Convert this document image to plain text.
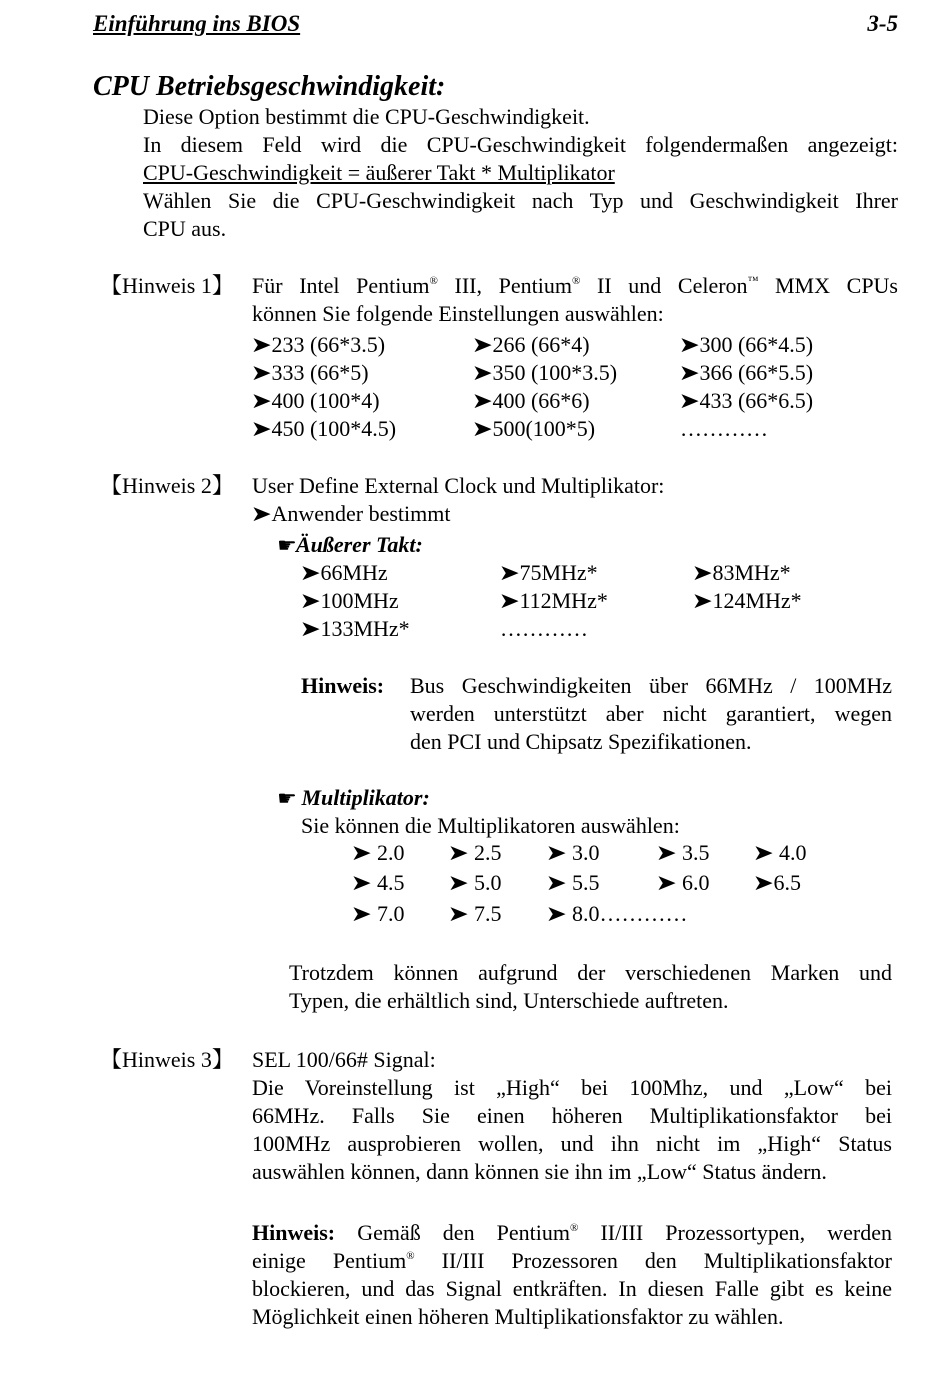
Einführung ins BIOS	3-5
CPU Betriebsgeschwindigkeit:
Diese Option bestimmt die CPU-Geschwindigkeit.
In diesem Feld wird die CPU-Geschwindigkeit folgendermaßen angezeigt:
CPU-Geschwindigkeit = äußerer Takt * Multiplikator
Wählen Sie die CPU-Geschwindigkeit nach Typ und Geschwindigkeit Ihrer
CPU aus.
【Hinweis 1】 Für Intel Pentium® III, Pentium® II und Celeron™ MMX CPUs
können Sie folgende Einstellungen auswählen:
➤233 (66*3.5)	➤266 (66*4)	➤300 (66*4.5)
➤333 (66*5)	➤350 (100*3.5)	➤366 (66*5.5)
➤400 (100*4)	➤400 (66*6)	➤433 (66*6.5)
➤450 (100*4.5)	➤500(100*5)	…………
【Hinweis 2】 User Define External Clock und Multiplikator:
➤Anwender bestimmt
☛Äußerer Takt:
➤66MHz	➤75MHz*	➤83MHz*
➤100MHz	➤112MHz*	➤124MHz*
➤133MHz*	…………
Hinweis: Bus Geschwindigkeiten über 66MHz / 100MHz
werden unterstützt aber nicht garantiert, wegen
den PCI und Chipsatz Spezifikationen.
☛ Multiplikator:
Sie können die Multiplikatoren auswählen:
➤ 2.0 ➤ 2.5 ➤ 3.0	➤ 3.5 ➤ 4.0
➤ 4.5 ➤ 5.0 ➤ 5.5	➤ 6.0 ➤6.5
➤ 7.0 ➤ 7.5 ➤ 8.0…………
Trotzdem können aufgrund der verschiedenen Marken und
Typen, die erhältlich sind, Unterschiede auftreten.
【Hinweis 3】 SEL 100/66# Signal:
Die Voreinstellung ist „High“ bei 100Mhz, und „Low“ bei
66MHz. Falls Sie einen höheren Multiplikationsfaktor bei
100MHz ausprobieren wollen, und ihn nicht im „High“ Status
auswählen können, dann können sie ihn im „Low“ Status ändern.
Hinweis: Gemäß den Pentium® II/III Prozessortypen, werden
einige Pentium® II/III Prozessoren den Multiplikationsfaktor
blockieren, und das Signal entkräften. In diesen Falle gibt es keine
Möglichkeit einen höheren Multiplikationsfaktor zu wählen.
